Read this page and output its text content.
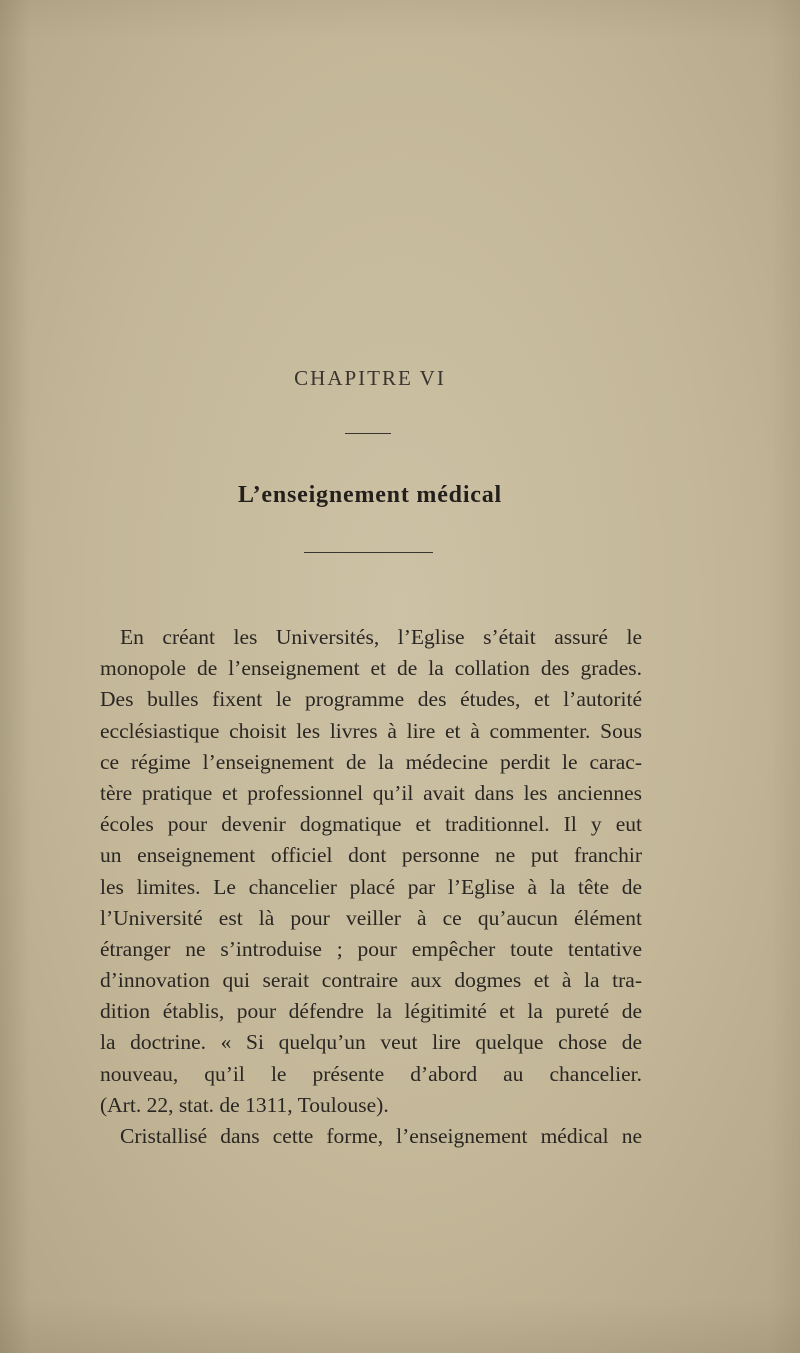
CHAPITRE VI
L’enseignement médical

En créant les Universités, l’Eglise s’était assuré le
monopole de l’enseignement et de la collation des grades.
Des bulles fixent le programme des études, et l’autorité
ecclésiastique choisit les livres à lire et à commenter. Sous
ce régime l’enseignement de la médecine perdit le carac-
tère pratique et professionnel qu’il avait dans les anciennes
écoles pour devenir dogmatique et traditionnel. Il y eut
un enseignement officiel dont personne ne put franchir
les limites. Le chancelier placé par l’Eglise à la tête de
l’Université est là pour veiller à ce qu’aucun élément
étranger ne s’introduise ; pour empêcher toute tentative
d’innovation qui serait contraire aux dogmes et à la tra-
dition établis, pour défendre la légitimité et la pureté de
la doctrine. « Si quelqu’un veut lire quelque chose de
nouveau, qu’il le présente d’abord au chancelier.
(Art. 22, stat. de 1311, Toulouse).

Cristallisé dans cette forme, l’enseignement médical ne
